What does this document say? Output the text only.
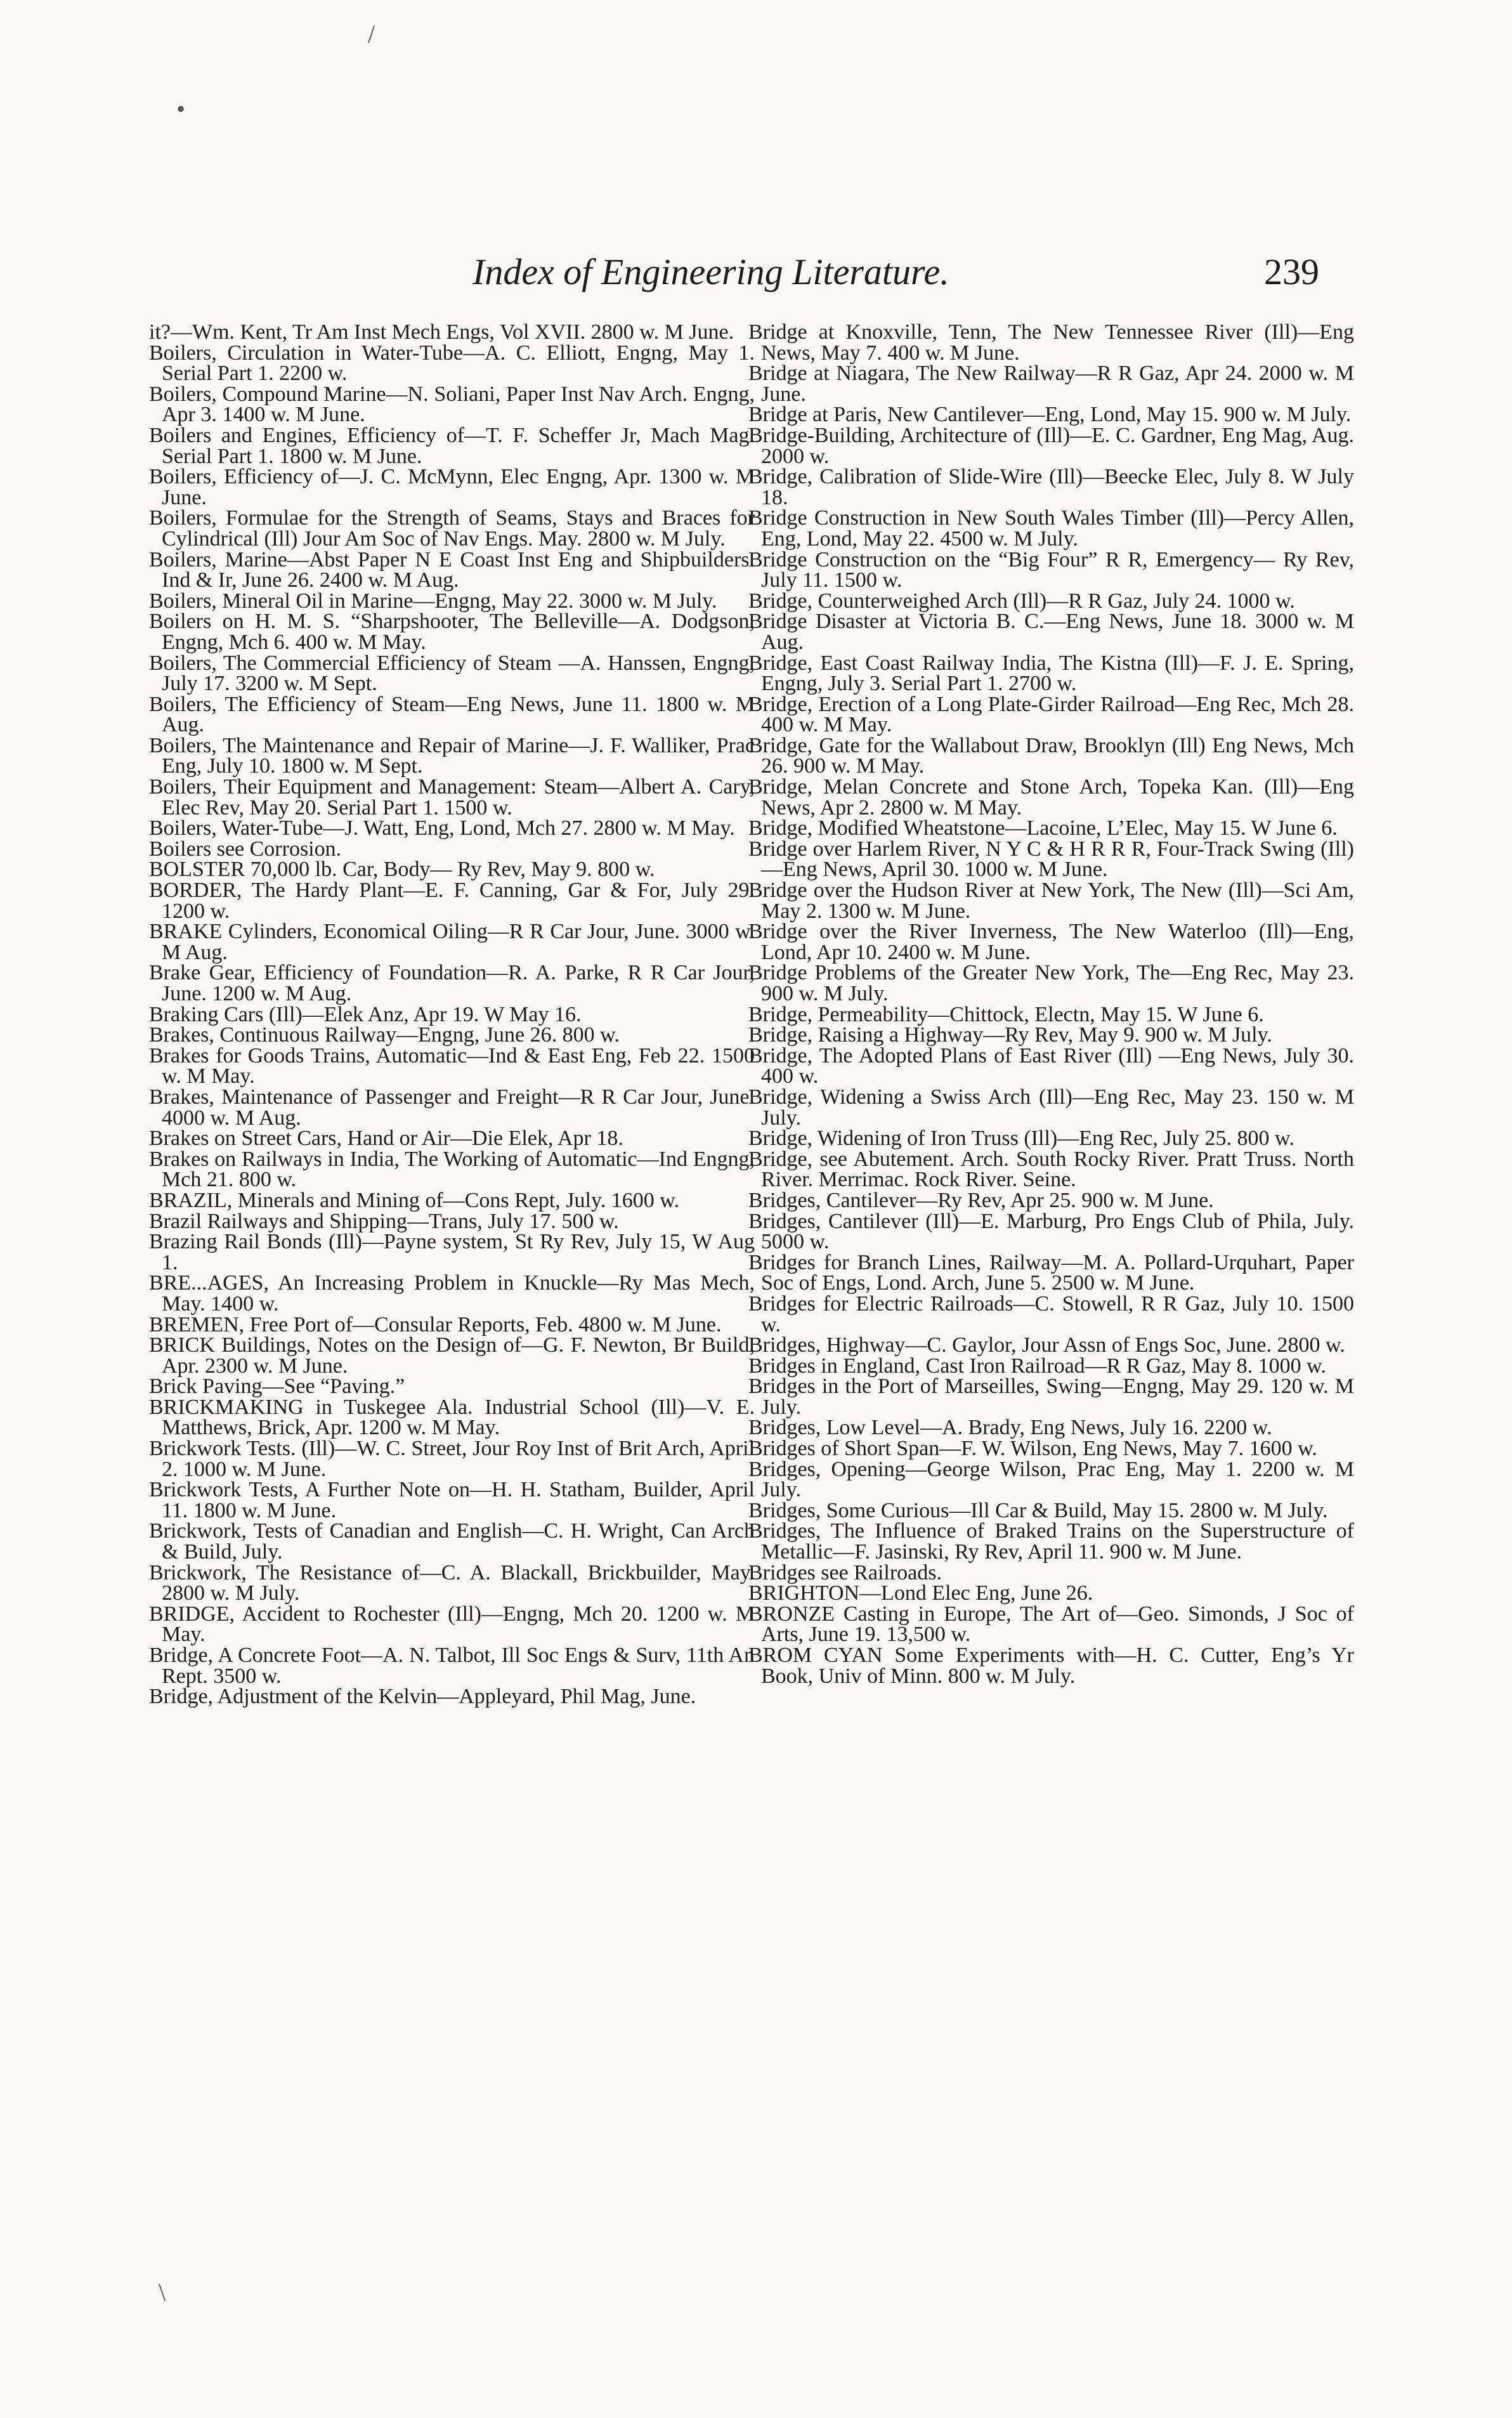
/
•
\
Index of Engineering Literature.	239

it?—Wm. Kent, Tr Am Inst Mech Engs, Vol XVII. 2800 w. M June.

Boilers, Circulation in Water-Tube—A. C. Elliott, Engng, May 1. Serial Part 1. 2200 w.

Boilers, Compound Marine—N. Soliani, Paper Inst Nav Arch. Engng, Apr 3. 1400 w. M June.

Boilers and Engines, Efficiency of—T. F. Scheffer Jr, Mach Mag. Serial Part 1. 1800 w. M June.

Boilers, Efficiency of—J. C. McMynn, Elec Engng, Apr. 1300 w. M June.

Boilers, Formulae for the Strength of Seams, Stays and Braces for Cylindrical (Ill) Jour Am Soc of Nav Engs. May. 2800 w. M July.

Boilers, Marine—Abst Paper N E Coast Inst Eng and Shipbuilders. Ind & Ir, June 26. 2400 w. M Aug.

Boilers, Mineral Oil in Marine—Engng, May 22. 3000 w. M July.

Boilers on H. M. S. “Sharpshooter, The Belleville—A. Dodgson, Engng, Mch 6. 400 w. M May.

Boilers, The Commercial Efficiency of Steam —A. Hanssen, Engng, July 17. 3200 w. M Sept.

Boilers, The Efficiency of Steam—Eng News, June 11. 1800 w. M Aug.

Boilers, The Maintenance and Repair of Marine—J. F. Walliker, Prac Eng, July 10. 1800 w. M Sept.

Boilers, Their Equipment and Management: Steam—Albert A. Cary, Elec Rev, May 20. Serial Part 1. 1500 w.

Boilers, Water-Tube—J. Watt, Eng, Lond, Mch 27. 2800 w. M May.

Boilers see Corrosion.

BOLSTER 70,000 lb. Car, Body— Ry Rev, May 9. 800 w.

BORDER, The Hardy Plant—E. F. Canning, Gar & For, July 29. 1200 w.

BRAKE Cylinders, Economical Oiling—R R Car Jour, June. 3000 w. M Aug.

Brake Gear, Efficiency of Foundation—R. A. Parke, R R Car Jour, June. 1200 w. M Aug.

Braking Cars (Ill)—Elek Anz, Apr 19. W May 16.

Brakes, Continuous Railway—Engng, June 26. 800 w.

Brakes for Goods Trains, Automatic—Ind & East Eng, Feb 22. 1500 w. M May.

Brakes, Maintenance of Passenger and Freight—R R Car Jour, June. 4000 w. M Aug.

Brakes on Street Cars, Hand or Air—Die Elek, Apr 18.

Brakes on Railways in India, The Working of Automatic—Ind Engng, Mch 21. 800 w.

BRAZIL, Minerals and Mining of—Cons Rept, July. 1600 w.

Brazil Railways and Shipping—Trans, July 17. 500 w.

Brazing Rail Bonds (Ill)—Payne system, St Ry Rev, July 15, W Aug 1.

BRE...AGES, An Increasing Problem in Knuckle—Ry Mas Mech, May. 1400 w.

BREMEN, Free Port of—Consular Reports, Feb. 4800 w. M June.

BRICK Buildings, Notes on the Design of—G. F. Newton, Br Build, Apr. 2300 w. M June.

Brick Paving—See “Paving.”

BRICKMAKING in Tuskegee Ala. Industrial School (Ill)—V. E. Matthews, Brick, Apr. 1200 w. M May.

Brickwork Tests. (Ill)—W. C. Street, Jour Roy Inst of Brit Arch, April 2. 1000 w. M June.

Brickwork Tests, A Further Note on—H. H. Statham, Builder, April 11. 1800 w. M June.

Brickwork, Tests of Canadian and English—C. H. Wright, Can Arch & Build, July.

Brickwork, The Resistance of—C. A. Blackall, Brickbuilder, May. 2800 w. M July.

BRIDGE, Accident to Rochester (Ill)—Engng, Mch 20. 1200 w. M May.

Bridge, A Concrete Foot—A. N. Talbot, Ill Soc Engs & Surv, 11th An Rept. 3500 w.

Bridge, Adjustment of the Kelvin—Appleyard, Phil Mag, June.

Bridge at Knoxville, Tenn, The New Tennessee River (Ill)—Eng News, May 7. 400 w. M June.

Bridge at Niagara, The New Railway—R R Gaz, Apr 24. 2000 w. M June.

Bridge at Paris, New Cantilever—Eng, Lond, May 15. 900 w. M July.

Bridge-Building, Architecture of (Ill)—E. C. Gardner, Eng Mag, Aug. 2000 w.

Bridge, Calibration of Slide-Wire (Ill)—Beecke Elec, July 8. W July 18.

Bridge Construction in New South Wales Timber (Ill)—Percy Allen, Eng, Lond, May 22. 4500 w. M July.

Bridge Construction on the “Big Four” R R, Emergency— Ry Rev, July 11. 1500 w.

Bridge, Counterweighed Arch (Ill)—R R Gaz, July 24. 1000 w.

Bridge Disaster at Victoria B. C.—Eng News, June 18. 3000 w. M Aug.

Bridge, East Coast Railway India, The Kistna (Ill)—F. J. E. Spring, Engng, July 3. Serial Part 1. 2700 w.

Bridge, Erection of a Long Plate-Girder Railroad—Eng Rec, Mch 28. 400 w. M May.

Bridge, Gate for the Wallabout Draw, Brooklyn (Ill) Eng News, Mch 26. 900 w. M May.

Bridge, Melan Concrete and Stone Arch, Topeka Kan. (Ill)—Eng News, Apr 2. 2800 w. M May.

Bridge, Modified Wheatstone—Lacoine, L’Elec, May 15. W June 6.

Bridge over Harlem River, N Y C & H R R R, Four-Track Swing (Ill)—Eng News, April 30. 1000 w. M June.

Bridge over the Hudson River at New York, The New (Ill)—Sci Am, May 2. 1300 w. M June.

Bridge over the River Inverness, The New Waterloo (Ill)—Eng, Lond, Apr 10. 2400 w. M June.

Bridge Problems of the Greater New York, The—Eng Rec, May 23. 900 w. M July.

Bridge, Permeability—Chittock, Electn, May 15. W June 6.

Bridge, Raising a Highway—Ry Rev, May 9. 900 w. M July.

Bridge, The Adopted Plans of East River (Ill) —Eng News, July 30. 400 w.

Bridge, Widening a Swiss Arch (Ill)—Eng Rec, May 23. 150 w. M July.

Bridge, Widening of Iron Truss (Ill)—Eng Rec, July 25. 800 w.

Bridge, see Abutement. Arch. South Rocky River. Pratt Truss. North River. Merrimac. Rock River. Seine.

Bridges, Cantilever—Ry Rev, Apr 25. 900 w. M June.

Bridges, Cantilever (Ill)—E. Marburg, Pro Engs Club of Phila, July. 5000 w.

Bridges for Branch Lines, Railway—M. A. Pollard-Urquhart, Paper Soc of Engs, Lond. Arch, June 5. 2500 w. M June.

Bridges for Electric Railroads—C. Stowell, R R Gaz, July 10. 1500 w.

Bridges, Highway—C. Gaylor, Jour Assn of Engs Soc, June. 2800 w.

Bridges in England, Cast Iron Railroad—R R Gaz, May 8. 1000 w.

Bridges in the Port of Marseilles, Swing—Engng, May 29. 120 w. M July.

Bridges, Low Level—A. Brady, Eng News, July 16. 2200 w.

Bridges of Short Span—F. W. Wilson, Eng News, May 7. 1600 w.

Bridges, Opening—George Wilson, Prac Eng, May 1. 2200 w. M July.

Bridges, Some Curious—Ill Car & Build, May 15. 2800 w. M July.

Bridges, The Influence of Braked Trains on the Superstructure of Metallic—F. Jasinski, Ry Rev, April 11. 900 w. M June.

Bridges see Railroads.

BRIGHTON—Lond Elec Eng, June 26.

BRONZE Casting in Europe, The Art of—Geo. Simonds, J Soc of Arts, June 19. 13,500 w.

BROM CYAN Some Experiments with—H. C. Cutter, Eng’s Yr Book, Univ of Minn. 800 w. M July.
